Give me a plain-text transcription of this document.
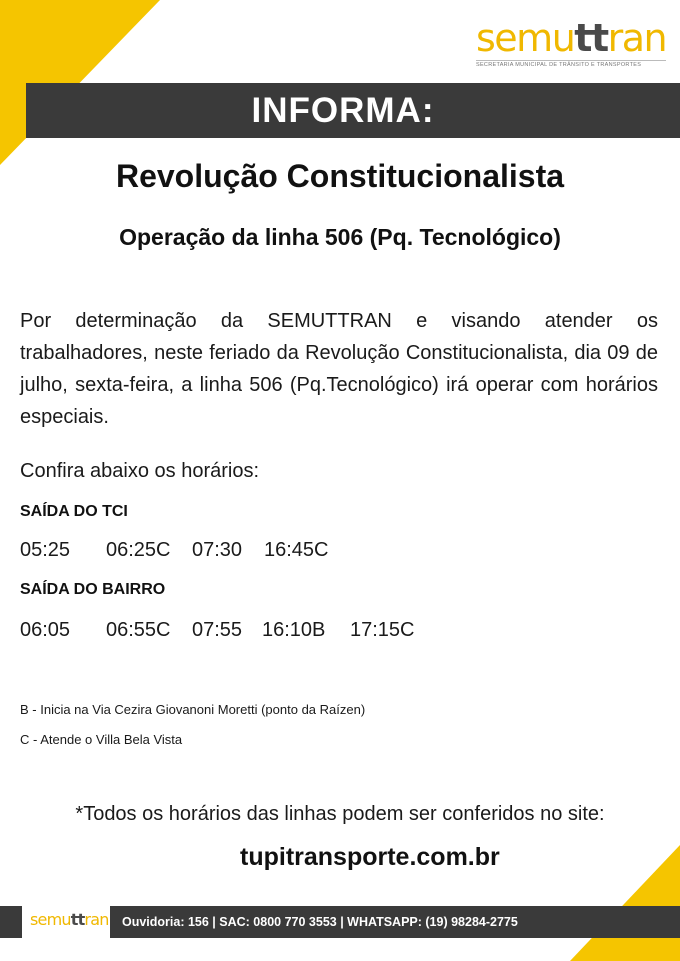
semuttran
SECRETARIA MUNICIPAL DE TRÂNSITO E TRANSPORTES
INFORMA:
Revolução Constitucionalista
Operação da linha 506 (Pq. Tecnológico)
Por determinação da SEMUTTRAN e visando atender os trabalhadores, neste feriado da Revolução Constitucionalista, dia 09 de julho, sexta-feira, a linha 506 (Pq.Tecnológico) irá operar com horários especiais.
Confira abaixo os horários:
SAÍDA DO TCI
05:25 06:25C 07:30 16:45C
SAÍDA DO BAIRRO
06:05 06:55C 07:55 16:10B 17:15C
B - Inicia na Via Cezira Giovanoni Moretti (ponto da Raízen)
C - Atende o Villa Bela Vista
*Todos os horários das linhas podem ser conferidos no site:
tupitransporte.com.br
semuttran	Ouvidoria: 156 | SAC: 0800 770 3553 | WHATSAPP: (19) 98284-2775
